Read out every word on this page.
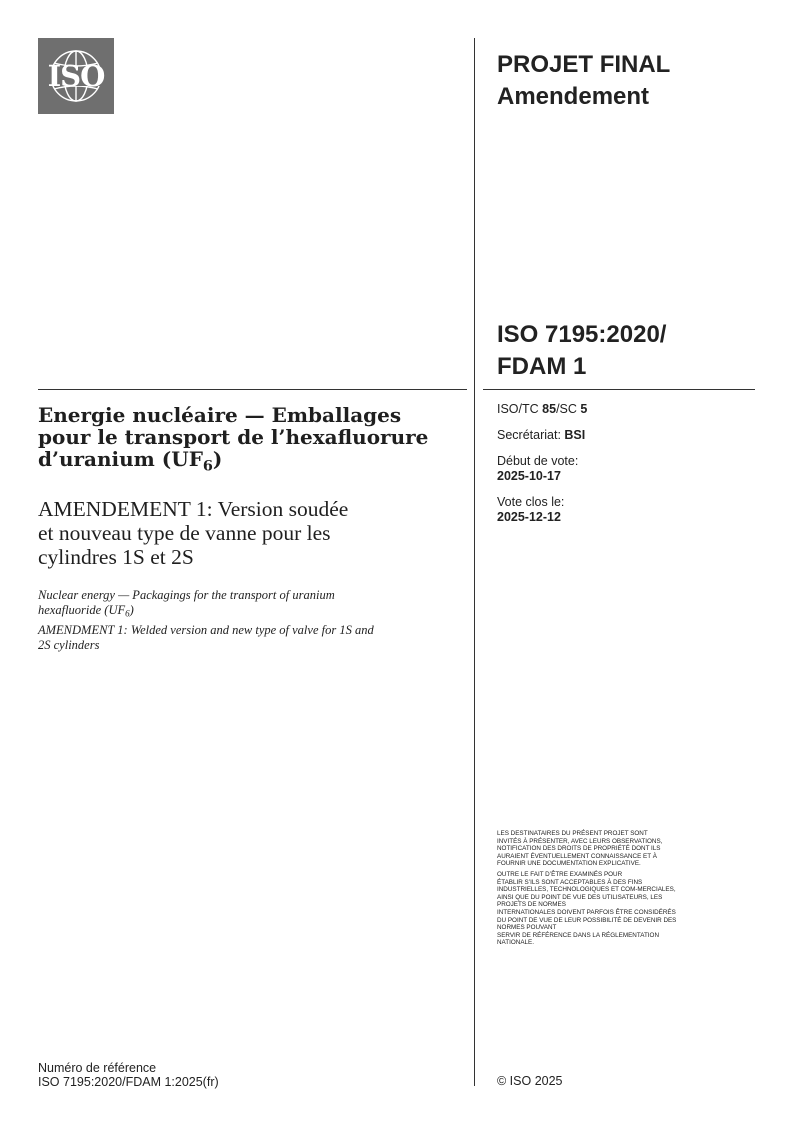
ISO	PROJET FINAL
Amendement
ISO 7195:2020/
FDAM 1
ISO/TC 85/SC 5
Secrétariat: BSI
Début de vote:
2025-10-17
Vote clos le:
2025-12-12
Energie nucléaire — Emballages
pour le transport de l’hexafluorure
d’uranium $(UF_6)$
AMENDEMENT 1: Version soudée
et nouveau type de vanne pour les
cylindres 1S et 2S

Nuclear energy — Packagings for the transport of uranium
hexafluoride $(UF_6)$

AMENDMENT 1: Welded version and new type of valve for 1S and
2S cylinders

LES DESTINATAIRES DU PRÉSENT PROJET SONT
INVITÉS À PRÉSENTER, AVEC LEURS OBSERVATIONS,
NOTIFICATION DES DROITS DE PROPRIÉTÉ DONT ILS
AURAIENT ÉVENTUELLEMENT CONNAISSANCE ET À
FOURNIR UNE DOCUMENTATION EXPLICATIVE.

OUTRE LE FAIT D’ÊTRE EXAMINÉS POUR
ÉTABLIR S’ILS SONT ACCEPTABLES À DES FINS
INDUSTRIELLES, TECHNOLOGIQUES ET COM-MERCIALES,
AINSI QUE DU POINT DE VUE DES UTILISATEURS, LES
PROJETS DE NORMES
INTERNATIONALES DOIVENT PARFOIS ÊTRE CONSIDÉRÉS
DU POINT DE VUE DE LEUR POSSIBILITÉ DE DEVENIR DES
NORMES POUVANT
SERVIR DE RÉFÉRENCE DANS LA RÉGLEMENTATION
NATIONALE.

Numéro de référence
ISO 7195:2020/FDAM 1:2025(fr)	© ISO 2025
